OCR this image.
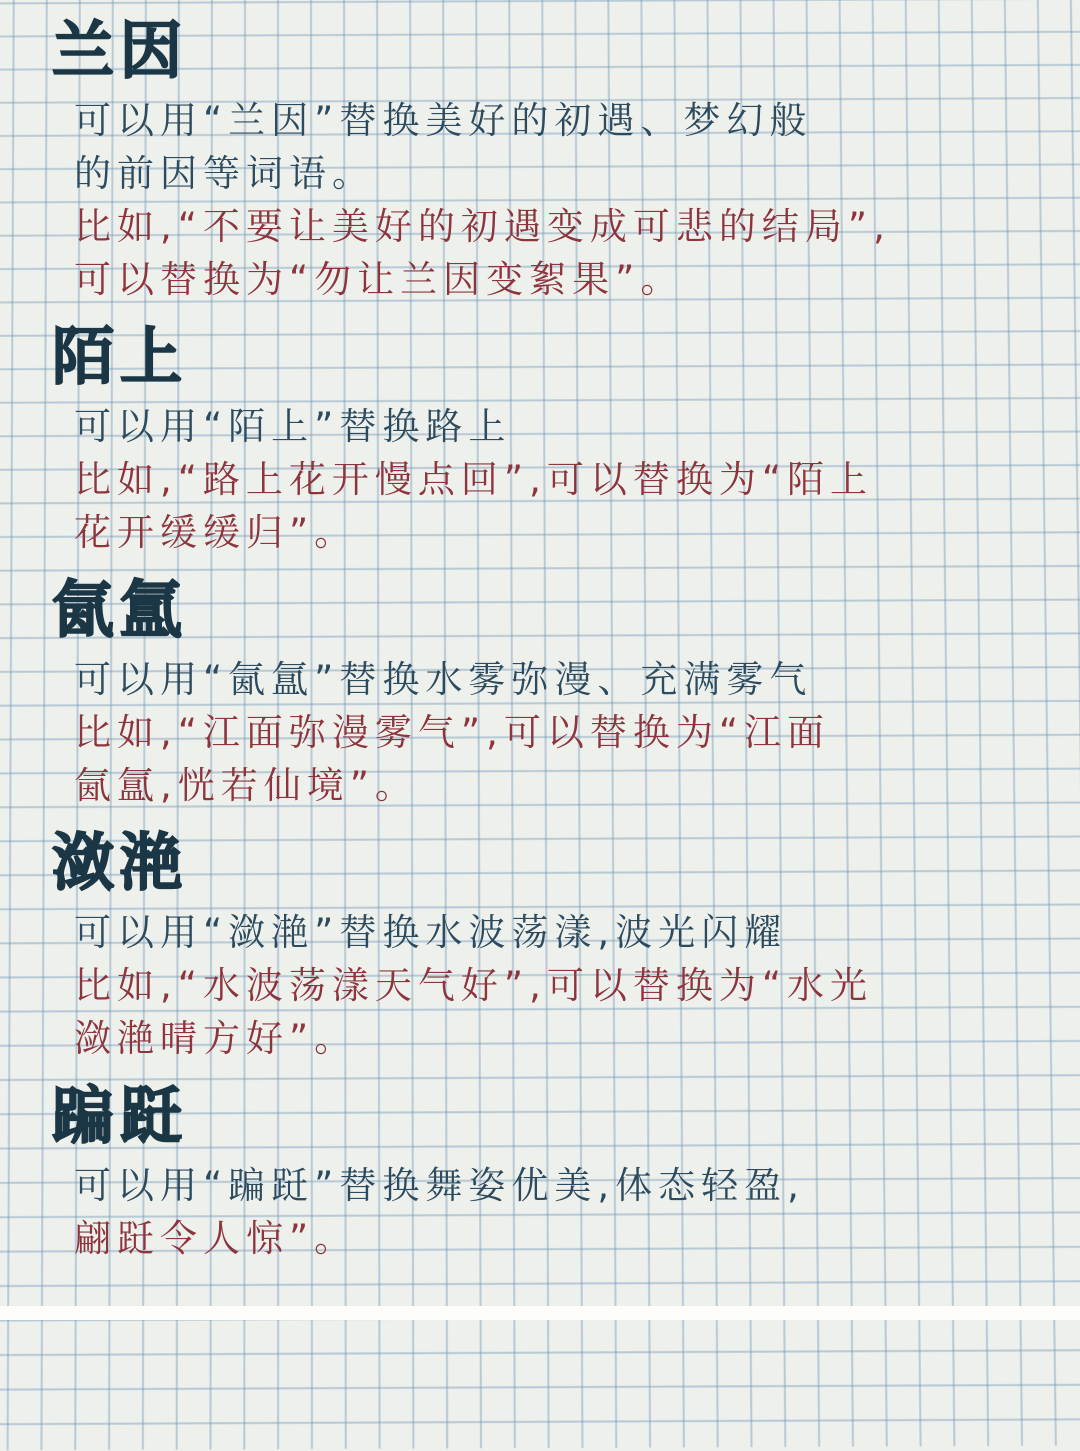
兰因

可以用“兰因”替换美好的初遇、梦幻般

的前因等词语。

比如,“不要让美好的初遇变成可悲的结局”,

可以替换为“勿让兰因变絮果”。

陌上

可以用“陌上”替换路上

比如,“路上花开慢点回”,可以替换为“陌上

花开缓缓归”。

氤氲

可以用“氤氲”替换水雾弥漫、充满雾气

比如,“江面弥漫雾气”,可以替换为“江面

氤氲,恍若仙境”。

潋滟

可以用“潋滟”替换水波荡漾,波光闪耀

比如,“水波荡漾天气好”,可以替换为“水光

潋滟晴方好”。

蹁跹

可以用“蹁跹”替换舞姿优美,体态轻盈,

翩跹令人惊”。
